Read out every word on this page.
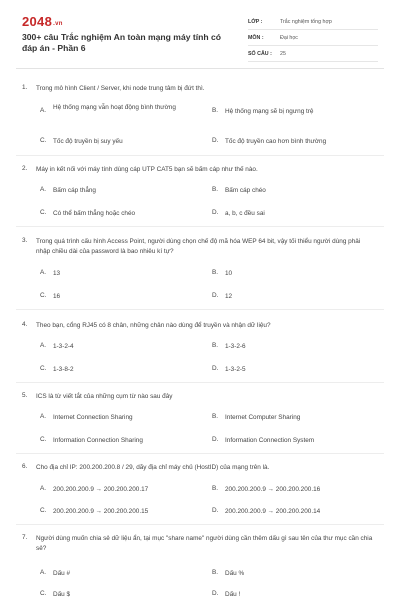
2048.vn
300+ câu Trắc nghiệm An toàn mạng máy tính có đáp án - Phần 6
LỚP :	Trắc nghiệm tổng hợp
MÔN :	Đại học
SỐ CÂU : 25
1. Trong mô hình Client / Server, khi node trung tâm bị đứt thì.
A. Hệ thống mạng vẫn hoạt động bình thường	B. Hệ thống mạng sẽ bị ngưng trệ
C. Tốc độ truyền bị suy yếu	D. Tốc độ truyền cao hơn bình thường
2. Máy in kết nối với máy tính dùng cáp UTP CAT5 bạn sẽ bấm cáp như thế nào.
A. Bấm cáp thẳng	B. Bấm cáp chéo
C. Có thể bấm thẳng hoặc chéo	D. a, b, c đều sai
3. Trong quá trình cấu hình Access Point, người dùng chọn chế độ mã hóa WEP 64 bit, vậy tối thiểu người dùng phải nhập chiều dài của password là bao nhiêu kí tự?
A. 13	B. 10
C. 16	D. 12
4. Theo bạn, cổng RJ45 có 8 chân, những chân nào dùng để truyền và nhận dữ liệu?
A. 1-3-2-4	B. 1-3-2-6
C. 1-3-8-2	D. 1-3-2-5
5. ICS là từ viết tắt của những cụm từ nào sau đây
A. Internet Connection Sharing	B. Internet Computer Sharing
C. Information Connection Sharing	D. Information Connection System
6. Cho địa chỉ IP: 200.200.200.8 / 29, dãy địa chỉ máy chủ (HostID) của mạng trên là.
A. 200.200.200.9 → 200.200.200.17	B. 200.200.200.9 → 200.200.200.16
C. 200.200.200.9 → 200.200.200.15	D. 200.200.200.9 → 200.200.200.14
7. Người dùng muốn chia sẻ dữ liệu ẩn, tại mục "share name" người dùng cần thêm dấu gì sau tên của thư mục cần chia sẻ?
A. Dấu #	B. Dấu %
C. Dấu $	D. Dấu !
